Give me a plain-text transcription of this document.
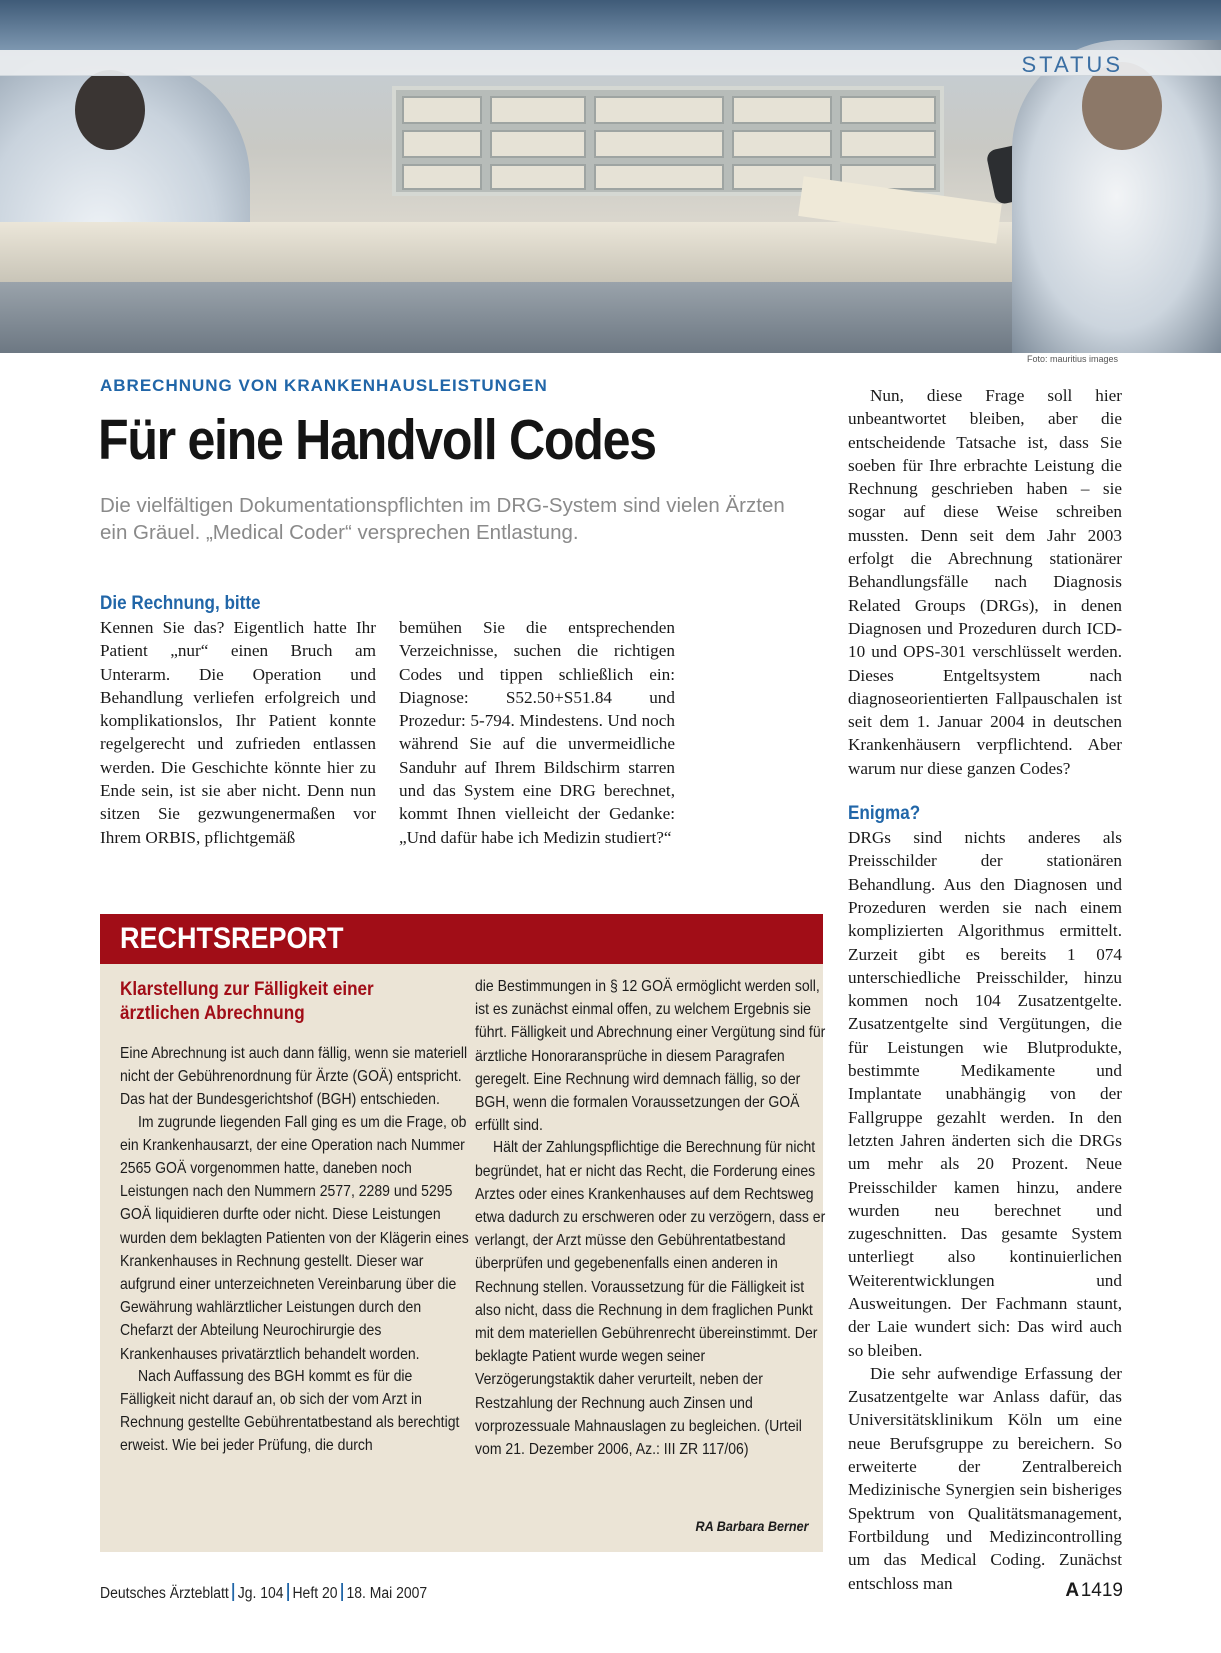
STATUS
Foto: mauritius images
ABRECHNUNG VON KRANKENHAUSLEISTUNGEN
Für eine Handvoll Codes
Die vielfältigen Dokumentationspflichten im DRG-System sind vielen Ärzten ein Gräuel. „Medical Coder“ versprechen Entlastung.
Die Rechnung, bitte

Kennen Sie das? Eigentlich hatte Ihr Patient „nur“ einen Bruch am Unterarm. Die Operation und Behandlung verliefen erfolgreich und komplikationslos, Ihr Patient konnte regelgerecht und zufrieden entlassen werden. Die Geschichte könnte hier zu Ende sein, ist sie aber nicht. Denn nun sitzen Sie gezwungenermaßen vor Ihrem ORBIS, pflichtgemäß

bemühen Sie die entsprechenden Verzeichnisse, suchen die richtigen Codes und tippen schließlich ein: Diagnose: S52.50+S51.84 und Prozedur: 5-794. Mindestens. Und noch während Sie auf die unvermeidliche Sanduhr auf Ihrem Bildschirm starren und das System eine DRG berechnet, kommt Ihnen vielleicht der Gedanke: „Und dafür habe ich Medizin studiert?“

Nun, diese Frage soll hier unbeantwortet bleiben, aber die entscheidende Tatsache ist, dass Sie soeben für Ihre erbrachte Leistung die Rechnung geschrieben haben – sie sogar auf diese Weise schreiben mussten. Denn seit dem Jahr 2003 erfolgt die Abrechnung stationärer Behandlungsfälle nach Diagnosis Related Groups (DRGs), in denen Diagnosen und Prozeduren durch ICD-10 und OPS-301 verschlüsselt werden. Dieses Entgeltsystem nach diagnoseorientierten Fallpauschalen ist seit dem 1. Januar 2004 in deutschen Krankenhäusern verpflichtend. Aber warum nur diese ganzen Codes?

Enigma?

DRGs sind nichts anderes als Preisschilder der stationären Behandlung. Aus den Diagnosen und Prozeduren werden sie nach einem komplizierten Algorithmus ermittelt. Zurzeit gibt es bereits 1 074 unterschiedliche Preisschilder, hinzu kommen noch 104 Zusatzentgelte. Zusatzentgelte sind Vergütungen, die für Leistungen wie Blutprodukte, bestimmte Medikamente und Implantate unabhängig von der Fallgruppe gezahlt werden. In den letzten Jahren änderten sich die DRGs um mehr als 20 Prozent. Neue Preisschilder kamen hinzu, andere wurden neu berechnet und zugeschnitten. Das gesamte System unterliegt also kontinuierlichen Weiterentwicklungen und Ausweitungen. Der Fachmann staunt, der Laie wundert sich: Das wird auch so bleiben.

Die sehr aufwendige Erfassung der Zusatzentgelte war Anlass dafür, das Universitätsklinikum Köln um eine neue Berufsgruppe zu bereichern. So erweiterte der Zentralbereich Medizinische Synergien sein bisheriges Spektrum von Qualitätsmanagement, Fortbildung und Medizincontrolling um das Medical Coding. Zunächst entschloss man

RECHTSREPORT
Klarstellung zur Fälligkeit einer ärztlichen Abrechnung

Eine Abrechnung ist auch dann fällig, wenn sie materiell nicht der Gebührenordnung für Ärzte (GOÄ) entspricht. Das hat der Bundesgerichtshof (BGH) entschieden.

Im zugrunde liegenden Fall ging es um die Frage, ob ein Krankenhausarzt, der eine Operation nach Nummer 2565 GOÄ vorgenommen hatte, daneben noch Leistungen nach den Nummern 2577, 2289 und 5295 GOÄ liquidieren durfte oder nicht. Diese Leistungen wurden dem beklagten Patienten von der Klägerin eines Krankenhauses in Rechnung gestellt. Dieser war aufgrund einer unterzeichneten Vereinbarung über die Gewährung wahlärztlicher Leistungen durch den Chefarzt der Abteilung Neurochirurgie des Krankenhauses privatärztlich behandelt worden.

Nach Auffassung des BGH kommt es für die Fälligkeit nicht darauf an, ob sich der vom Arzt in Rechnung gestellte Gebührentatbestand als berechtigt erweist. Wie bei jeder Prüfung, die durch

die Bestimmungen in § 12 GOÄ ermöglicht werden soll, ist es zunächst einmal offen, zu welchem Ergebnis sie führt. Fälligkeit und Abrechnung einer Vergütung sind für ärztliche Honoraransprüche in diesem Paragrafen geregelt. Eine Rechnung wird demnach fällig, so der BGH, wenn die formalen Voraussetzungen der GOÄ erfüllt sind.

Hält der Zahlungspflichtige die Berechnung für nicht begründet, hat er nicht das Recht, die Forderung eines Arztes oder eines Krankenhauses auf dem Rechtsweg etwa dadurch zu erschweren oder zu verzögern, dass er verlangt, der Arzt müsse den Gebührentatbestand überprüfen und gegebenenfalls einen anderen in Rechnung stellen. Voraussetzung für die Fälligkeit ist also nicht, dass die Rechnung in dem fraglichen Punkt mit dem materiellen Gebührenrecht übereinstimmt. Der beklagte Patient wurde wegen seiner Verzögerungstaktik daher verurteilt, neben der Restzahlung der Rechnung auch Zinsen und vorprozessuale Mahnauslagen zu begleichen. (Urteil vom 21. Dezember 2006, Az.: III ZR 117/06)

RA Barbara Berner
Deutsches Ärzteblatt Jg. 104 Heft 20 18. Mai 2007	A 1419
